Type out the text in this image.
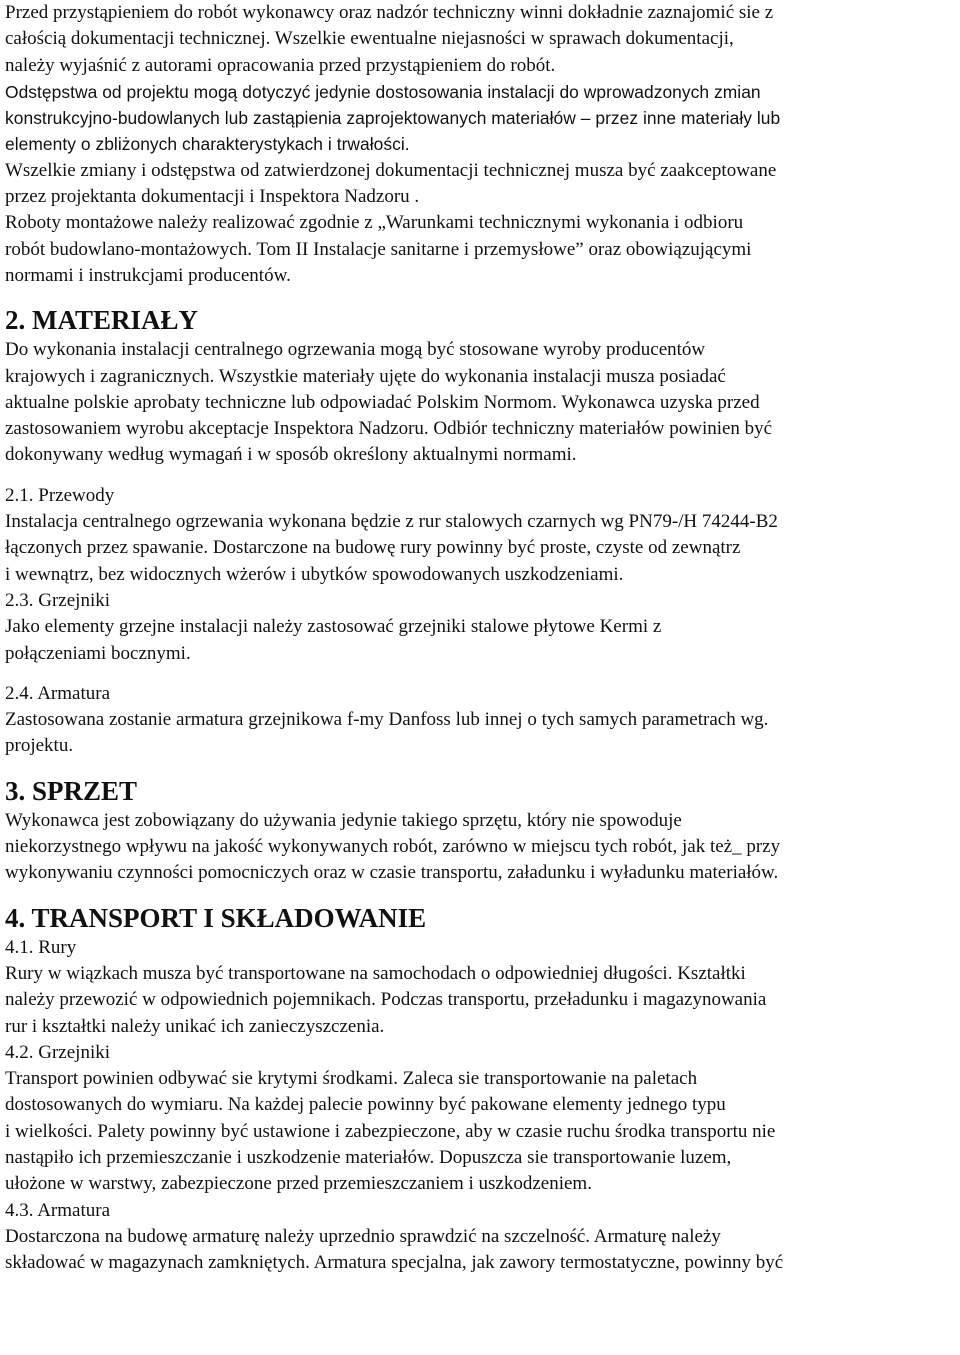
Przed przystąpieniem do robót wykonawcy oraz nadzór techniczny winni dokładnie zaznajomić sie z
całością dokumentacji technicznej. Wszelkie ewentualne niejasności w sprawach dokumentacji,
należy wyjaśnić z autorami opracowania przed przystąpieniem do robót.
Odstępstwa od projektu mogą dotyczyć jedynie dostosowania instalacji do wprowadzonych zmian
konstrukcyjno-budowlanych lub zastąpienia zaprojektowanych materiałów – przez inne materiały lub
elementy o zbliżonych charakterystykach i trwałości.
Wszelkie zmiany i odstępstwa od zatwierdzonej dokumentacji technicznej musza być zaakceptowane
przez projektanta dokumentacji i Inspektora Nadzoru .
Roboty montażowe należy realizować zgodnie z „Warunkami technicznymi wykonania i odbioru
robót budowlano-montażowych. Tom II Instalacje sanitarne i przemysłowe” oraz obowiązującymi
normami i instrukcjami producentów.
2. MATERIAŁY
Do wykonania instalacji centralnego ogrzewania mogą być stosowane wyroby producentów
krajowych i zagranicznych. Wszystkie materiały ujęte do wykonania instalacji musza posiadać
aktualne polskie aprobaty techniczne lub odpowiadać Polskim Normom. Wykonawca uzyska przed
zastosowaniem wyrobu akceptacje Inspektora Nadzoru. Odbiór techniczny materiałów powinien być
dokonywany według wymagań i w sposób określony aktualnymi normami.
2.1. Przewody
Instalacja centralnego ogrzewania wykonana będzie z rur stalowych czarnych wg PN79-/H 74244-B2
łączonych przez spawanie. Dostarczone na budowę rury powinny być proste, czyste od zewnątrz
i wewnątrz, bez widocznych wżerów i ubytków spowodowanych uszkodzeniami.
2.3. Grzejniki
Jako elementy grzejne instalacji należy zastosować grzejniki stalowe płytowe Kermi z
połączeniami bocznymi.
2.4. Armatura
Zastosowana zostanie armatura grzejnikowa f-my Danfoss lub innej o tych samych parametrach wg.
projektu.
3. SPRZET
Wykonawca jest zobowiązany do używania jedynie takiego sprzętu, który nie spowoduje
niekorzystnego wpływu na jakość wykonywanych robót, zarówno w miejscu tych robót, jak też_ przy
wykonywaniu czynności pomocniczych oraz w czasie transportu, załadunku i wyładunku materiałów.
4. TRANSPORT I SKŁADOWANIE
4.1. Rury
Rury w wiązkach musza być transportowane na samochodach o odpowiedniej długości. Kształtki
należy przewozić w odpowiednich pojemnikach. Podczas transportu, przeładunku i magazynowania
rur i kształtki należy unikać ich zanieczyszczenia.
4.2. Grzejniki
Transport powinien odbywać sie krytymi środkami. Zaleca sie transportowanie na paletach
dostosowanych do wymiaru. Na każdej palecie powinny być pakowane elementy jednego typu
i wielkości. Palety powinny być ustawione i zabezpieczone, aby w czasie ruchu środka transportu nie
nastąpiło ich przemieszczanie i uszkodzenie materiałów. Dopuszcza sie transportowanie luzem,
ułożone w warstwy, zabezpieczone przed przemieszczaniem i uszkodzeniem.
4.3. Armatura
Dostarczona na budowę armaturę należy uprzednio sprawdzić na szczelność. Armaturę należy
składować w magazynach zamkniętych. Armatura specjalna, jak zawory termostatyczne, powinny być
